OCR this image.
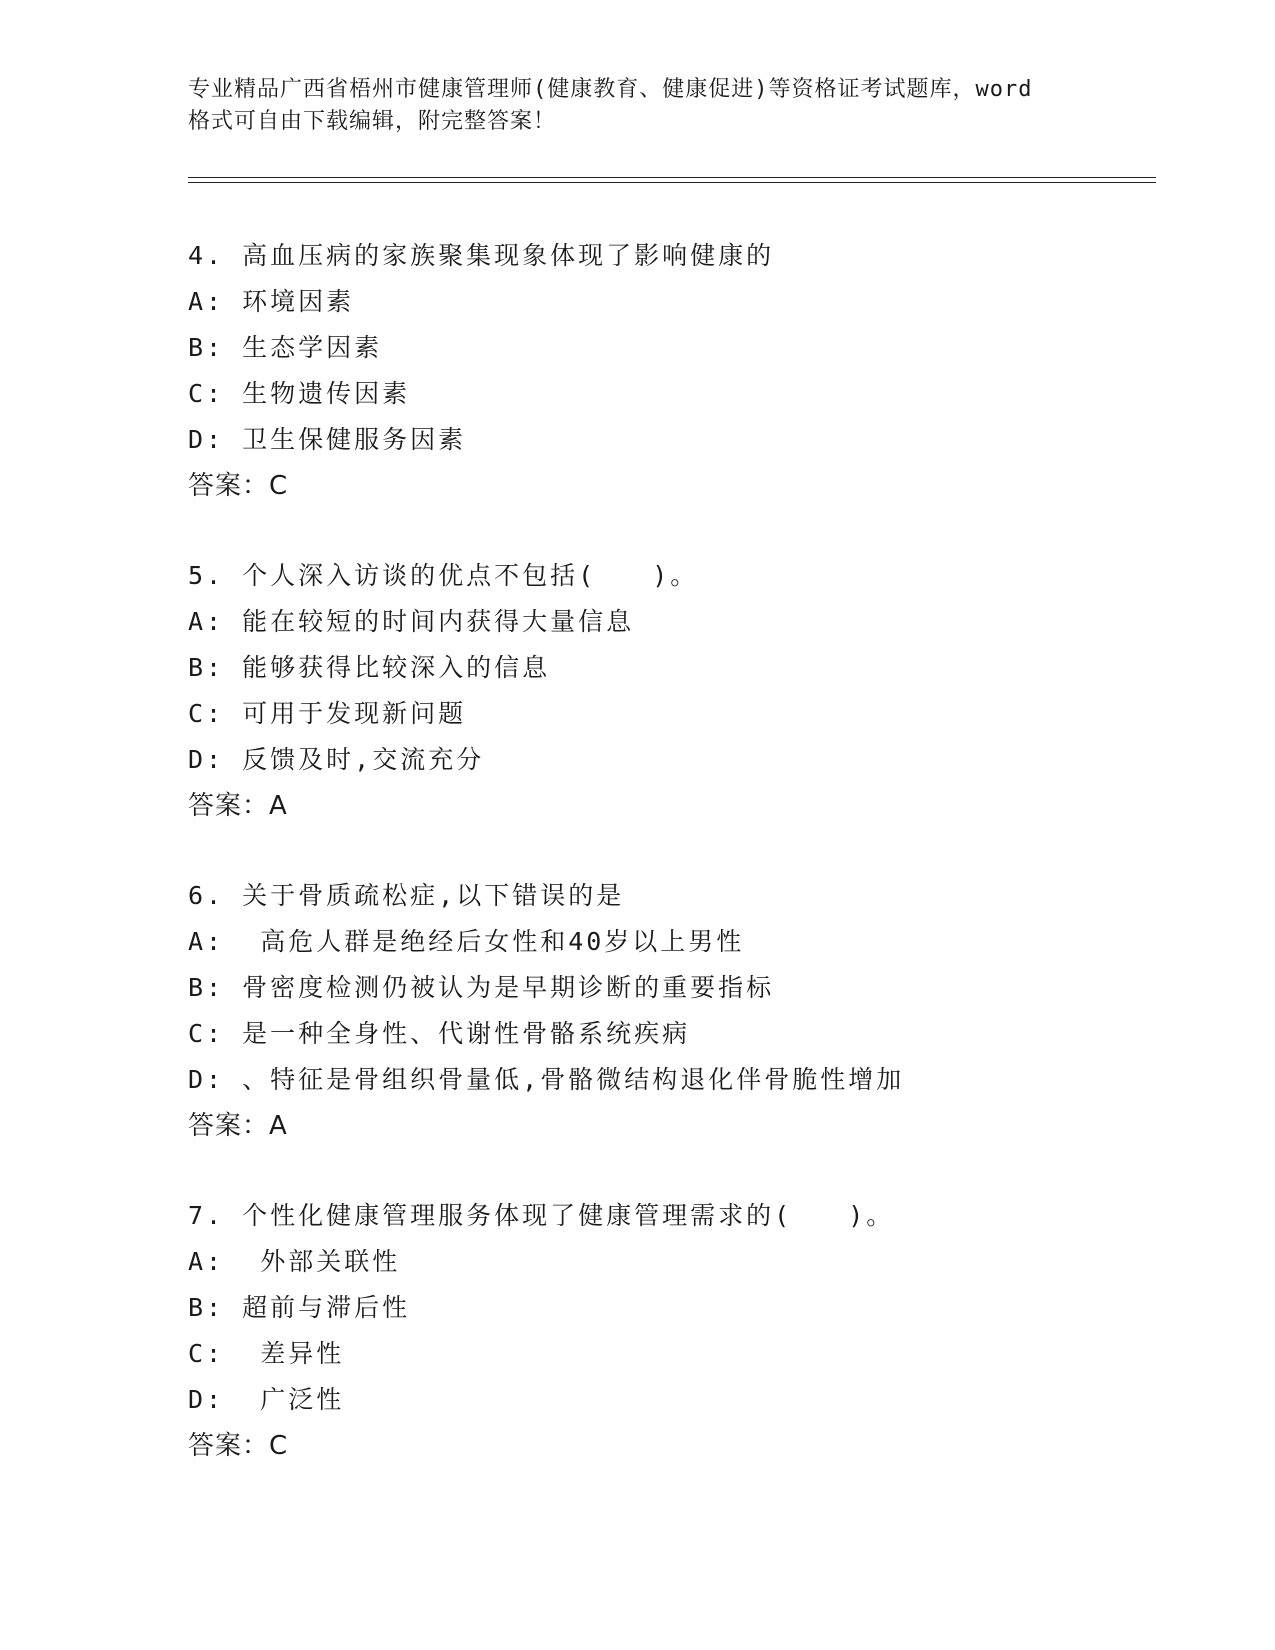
专业精品广西省梧州市健康管理师(健康教育、健康促进)等资格证考试题库，word
格式可自由下载编辑，附完整答案！
4. 高血压病的家族聚集现象体现了影响健康的
A: 环境因素
B: 生态学因素
C: 生物遗传因素
D: 卫生保健服务因素
答案：C
5. 个人深入访谈的优点不包括(　　)。
A: 能在较短的时间内获得大量信息
B: 能够获得比较深入的信息
C: 可用于发现新问题
D: 反馈及时,交流充分
答案：A
6. 关于骨质疏松症,以下错误的是
A:  高危人群是绝经后女性和40岁以上男性
B: 骨密度检测仍被认为是早期诊断的重要指标
C: 是一种全身性、代谢性骨骼系统疾病
D: 、特征是骨组织骨量低,骨骼微结构退化伴骨脆性增加
答案：A
7. 个性化健康管理服务体现了健康管理需求的(　　)。
A:  外部关联性
B: 超前与滞后性
C:  差异性
D:  广泛性
答案：C
